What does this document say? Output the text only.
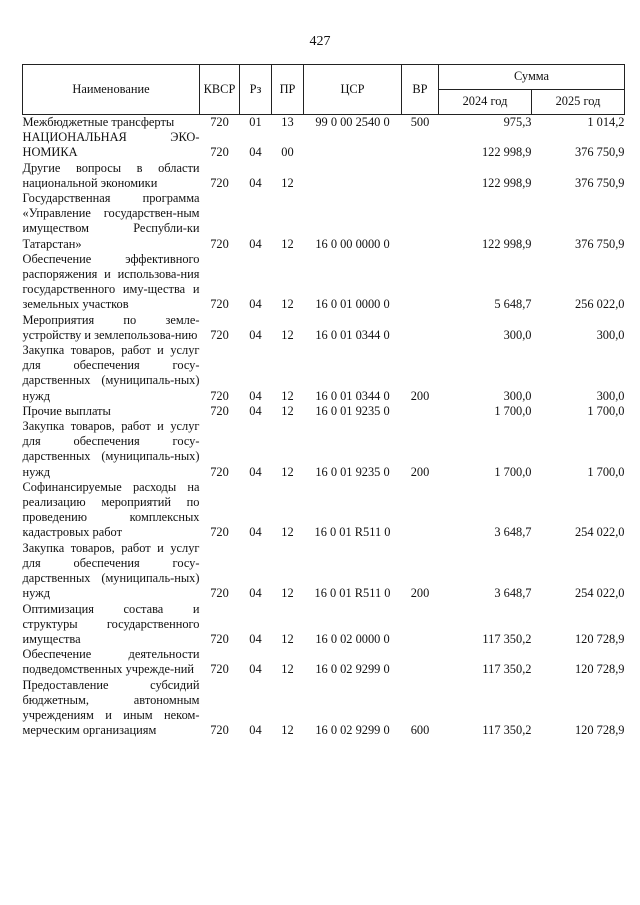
427
Наименование	КВСР	Рз	ПР	ЦСР	ВР	Сумма	
						2024 год	2025 год
Межбюджетные трансферты	720	01	13	99 0 00 2540 0	500	975,3	1 014,2
НАЦИОНАЛЬНАЯ ЭКО-НОМИКА	720	04	00			122 998,9	376 750,9
Другие вопросы в области национальной экономики	720	04	12			122 998,9	376 750,9
Государственная программа «Управление государствен-ным имуществом Республи-ки Татарстан»	720	04	12	16 0 00 0000 0		122 998,9	376 750,9
Обеспечение эффективного распоряжения и использова-ния государственного иму-щества и земельных участков	720	04	12	16 0 01 0000 0		5 648,7	256 022,0
Мероприятия по земле-устройству и землепользова-нию	720	04	12	16 0 01 0344 0		300,0	300,0
Закупка товаров, работ и услуг для обеспечения госу-дарственных (муниципаль-ных) нужд	720	04	12	16 0 01 0344 0	200	300,0	300,0
Прочие выплаты	720	04	12	16 0 01 9235 0		1 700,0	1 700,0
Закупка товаров, работ и услуг для обеспечения госу-дарственных (муниципаль-ных) нужд	720	04	12	16 0 01 9235 0	200	1 700,0	1 700,0
Софинансируемые расходы на реализацию мероприятий по проведению комплексных кадастровых работ	720	04	12	16 0 01 R511 0		3 648,7	254 022,0
Закупка товаров, работ и услуг для обеспечения госу-дарственных (муниципаль-ных) нужд	720	04	12	16 0 01 R511 0	200	3 648,7	254 022,0
Оптимизация состава и структуры государственного имущества	720	04	12	16 0 02 0000 0		117 350,2	120 728,9
Обеспечение деятельности подведомственных учрежде-ний	720	04	12	16 0 02 9299 0		117 350,2	120 728,9
Предоставление субсидий бюджетным, автономным учреждениям и иным неком-мерческим организациям	720	04	12	16 0 02 9299 0	600	117 350,2	120 728,9
